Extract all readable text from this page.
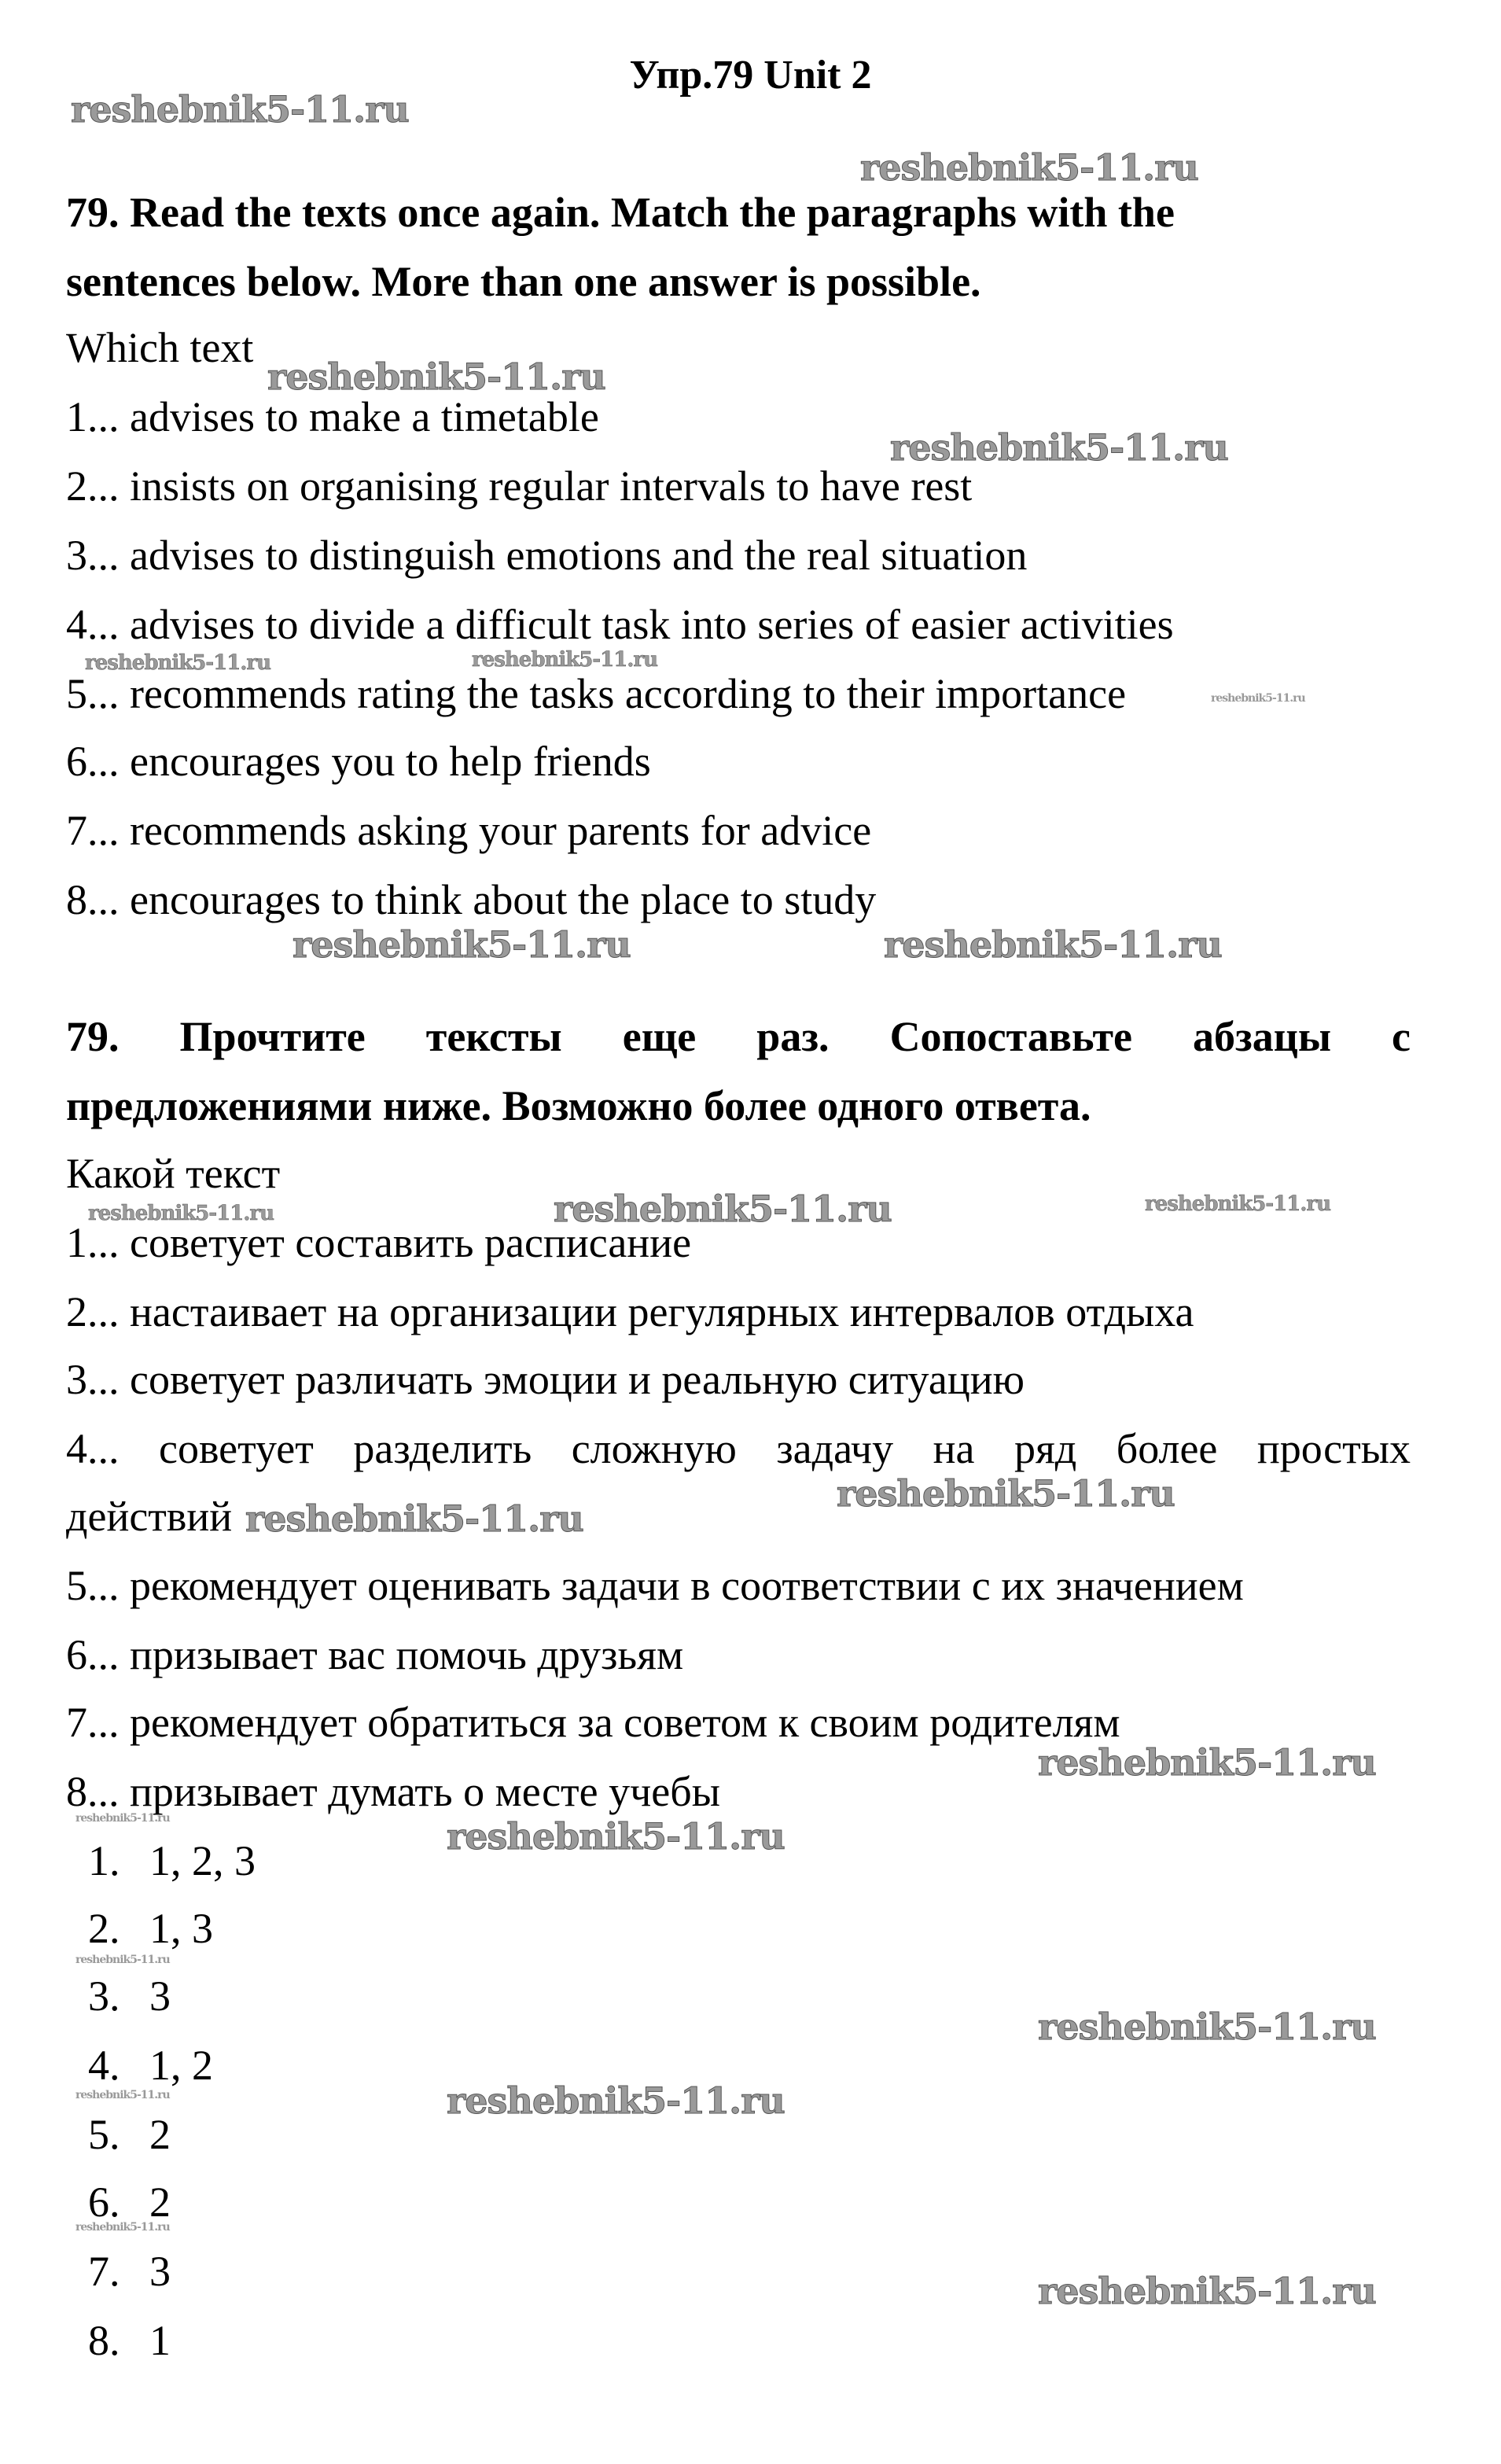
Упр.79 Unit 2
79. Read the texts once again. Match the paragraphs with the
sentences below. More than one answer is possible.
Which text
1... advises to make a timetable
2... insists on organising regular intervals to have rest
3... advises to distinguish emotions and the real situation
4... advises to divide a difficult task into series of easier activities
5... recommends rating the tasks according to their importance
6... encourages you to help friends
7... recommends asking your parents for advice
8... encourages to think about the place to study
79. Прочтите тексты еще раз. Сопоставьте абзацы с
предложениями ниже. Возможно более одного ответа.
Какой текст
1... советует составить расписание
2... настаивает на организации регулярных интервалов отдыха
3... советует различать эмоции и реальную ситуацию
4... советует разделить сложную задачу на ряд более простых
действий
5... рекомендует оценивать задачи в соответствии с их значением
6... призывает вас помочь друзьям
7... рекомендует обратиться за советом к своим родителям
8... призывает думать о месте учебы
1. 1, 2, 3
2. 1, 3
3. 3
4. 1, 2
5. 2
6. 2
7. 3
8. 1
reshebnik5-11.ru
reshebnik5-11.ru
reshebnik5-11.ru
reshebnik5-11.ru
reshebnik5-11.ru	reshebnik5-11.ru
reshebnik5-11.ru
reshebnik5-11.ru	reshebnik5-11.ru
reshebnik5-11.ru	reshebnik5-11.ru	reshebnik5-11.ru
reshebnik5-11.ru
reshebnik5-11.ru
reshebnik5-11.ru
reshebnik5-11.ru	reshebnik5-11.ru
reshebnik5-11.ru
reshebnik5-11.ru
reshebnik5-11.ru	reshebnik5-11.ru
reshebnik5-11.ru
reshebnik5-11.ru
